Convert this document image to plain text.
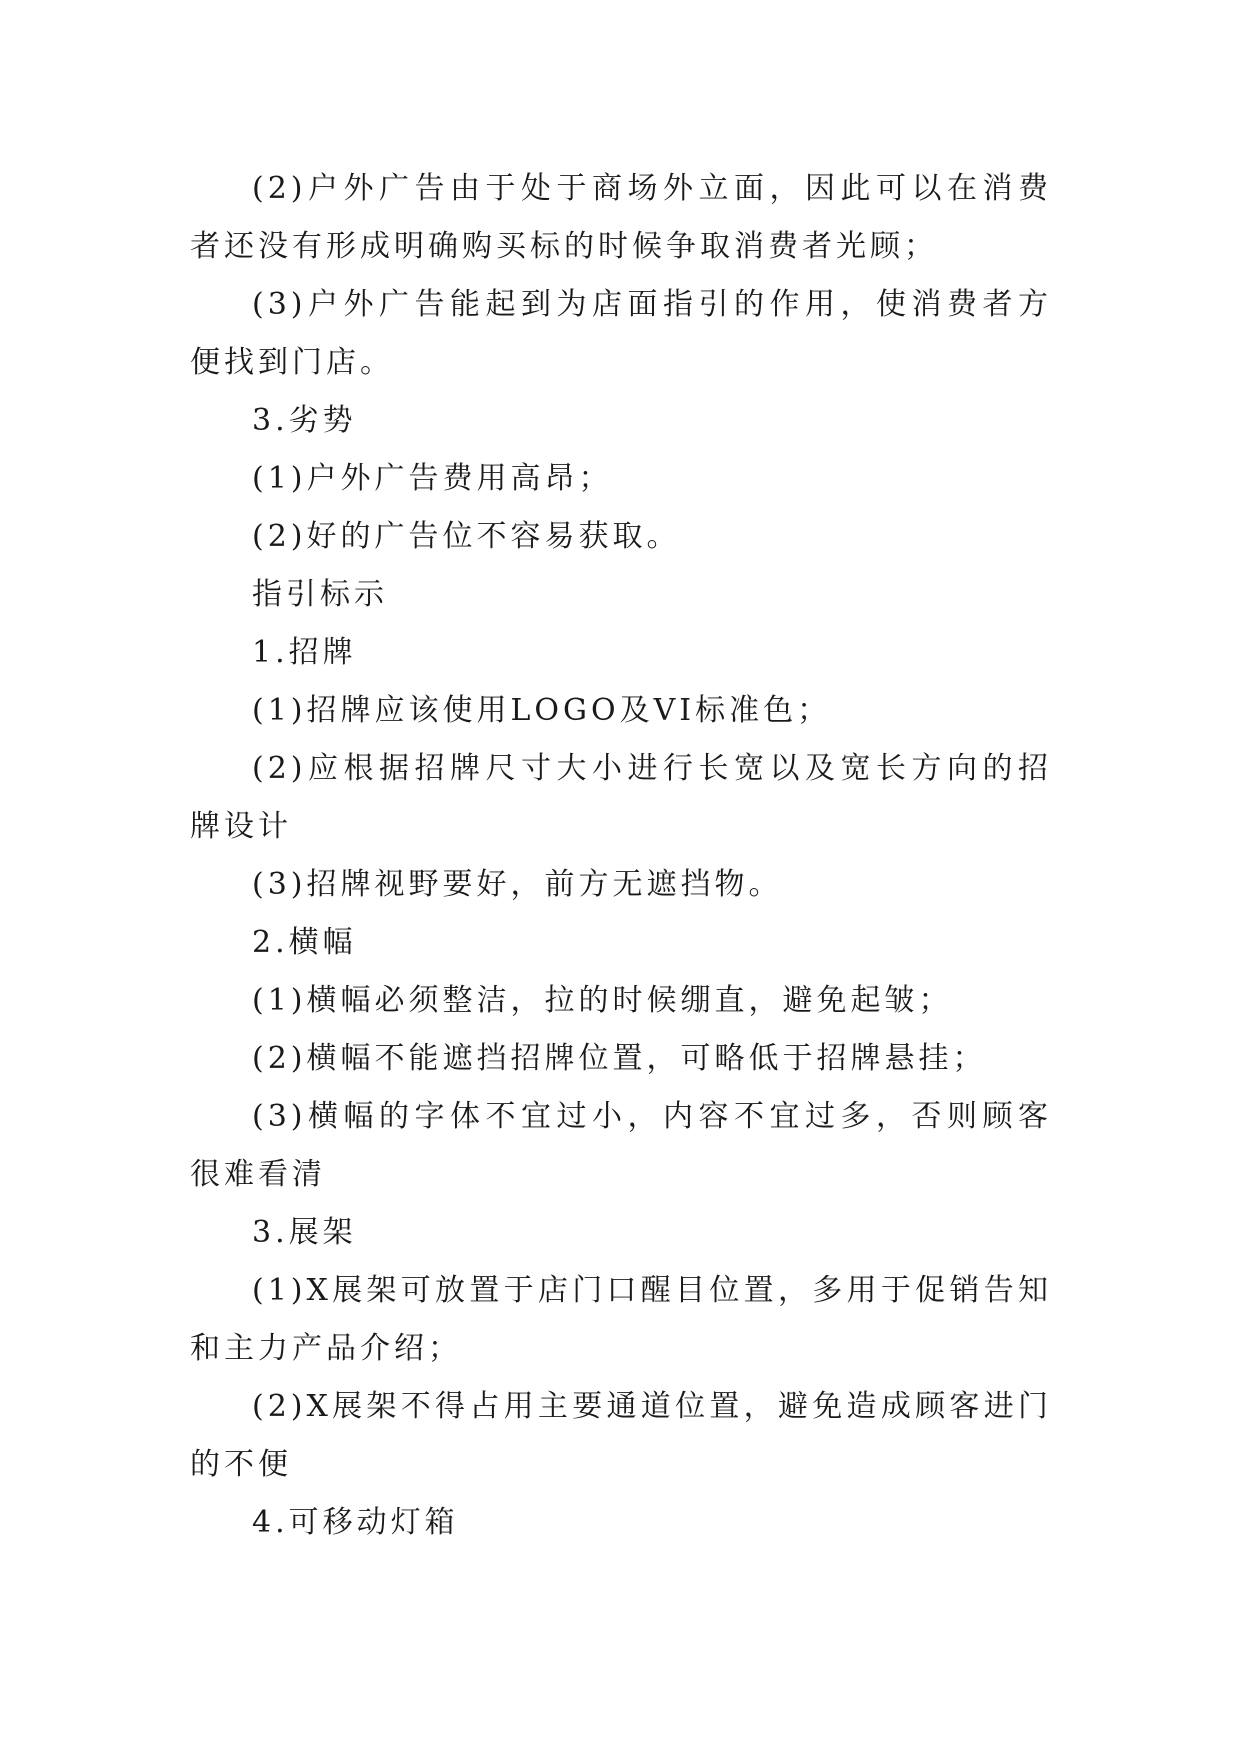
(2)户外广告由于处于商场外立面，因此可以在消费者还没有形成明确购买标的时候争取消费者光顾；

(3)户外广告能起到为店面指引的作用，使消费者方便找到门店。

3.劣势

(1)户外广告费用高昂；

(2)好的广告位不容易获取。

指引标示

1.招牌

(1)招牌应该使用LOGO及VI标准色；

(2)应根据招牌尺寸大小进行长宽以及宽长方向的招牌设计

(3)招牌视野要好，前方无遮挡物。

2.横幅

(1)横幅必须整洁，拉的时候绷直，避免起皱；

(2)横幅不能遮挡招牌位置，可略低于招牌悬挂；

(3)横幅的字体不宜过小，内容不宜过多，否则顾客很难看清

3.展架

(1)X展架可放置于店门口醒目位置，多用于促销告知和主力产品介绍；

(2)X展架不得占用主要通道位置，避免造成顾客进门的不便

4.可移动灯箱
